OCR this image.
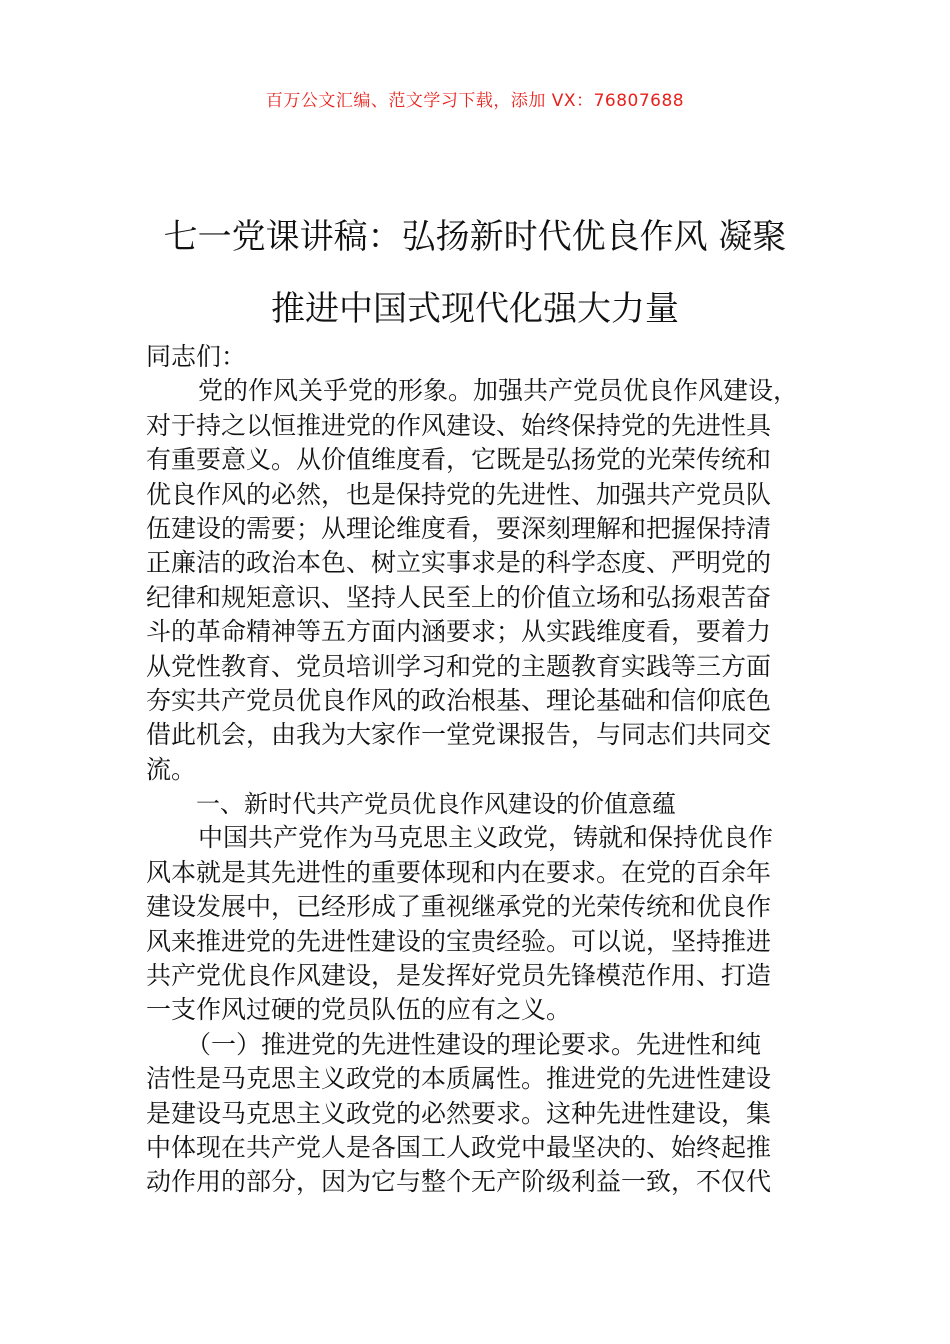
百万公文汇编、范文学习下载，添加 VX：76807688
七一党课讲稿：弘扬新时代优良作风 凝聚
推进中国式现代化强大力量
同志们：
党的作风关乎党的形象。加强共产党员优良作风建设，
对于持之以恒推进党的作风建设、始终保持党的先进性具
有重要意义。从价值维度看，它既是弘扬党的光荣传统和
优良作风的必然，也是保持党的先进性、加强共产党员队
伍建设的需要；从理论维度看，要深刻理解和把握保持清
正廉洁的政治本色、树立实事求是的科学态度、严明党的
纪律和规矩意识、坚持人民至上的价值立场和弘扬艰苦奋
斗的革命精神等五方面内涵要求；从实践维度看，要着力
从党性教育、党员培训学习和党的主题教育实践等三方面
夯实共产党员优良作风的政治根基、理论基础和信仰底色
借此机会，由我为大家作一堂党课报告，与同志们共同交
流。
一、新时代共产党员优良作风建设的价值意蕴
中国共产党作为马克思主义政党，铸就和保持优良作
风本就是其先进性的重要体现和内在要求。在党的百余年
建设发展中，已经形成了重视继承党的光荣传统和优良作
风来推进党的先进性建设的宝贵经验。可以说，坚持推进
共产党优良作风建设，是发挥好党员先锋模范作用、打造
一支作风过硬的党员队伍的应有之义。
（一）推进党的先进性建设的理论要求。先进性和纯
洁性是马克思主义政党的本质属性。推进党的先进性建设
是建设马克思主义政党的必然要求。这种先进性建设，集
中体现在共产党人是各国工人政党中最坚决的、始终起推
动作用的部分，因为它与整个无产阶级利益一致，不仅代
